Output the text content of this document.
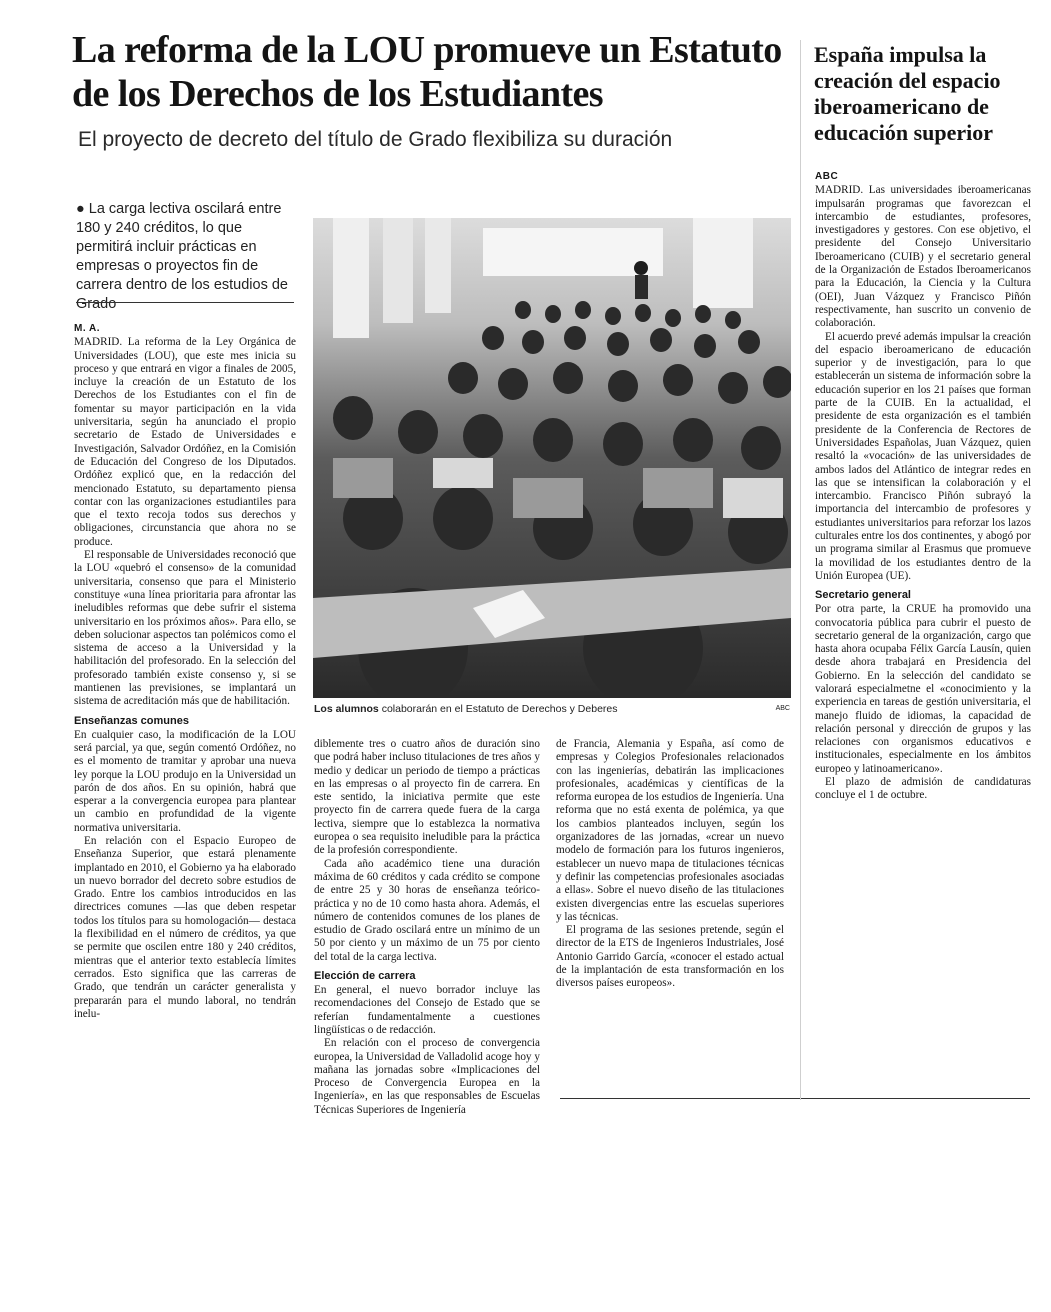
La reforma de la LOU promueve un Estatuto de los Derechos de los Estudiantes
El proyecto de decreto del título de Grado flexibiliza su duración
España impulsa la creación del espacio iberoamericano de educación superior
● La carga lectiva oscilará entre 180 y 240 créditos, lo que permitirá incluir prácticas en empresas o proyectos fin de carrera dentro de los estudios de Grado
M. A.

MADRID. La reforma de la Ley Orgánica de Universidades (LOU), que este mes inicia su proceso y que entrará en vigor a finales de 2005, incluye la creación de un Estatuto de los Derechos de los Estudiantes con el fin de fomentar su mayor participación en la vida universitaria, según ha anunciado el propio secretario de Estado de Universidades e Investigación, Salvador Ordóñez, en la Comisión de Educación del Congreso de los Diputados. Ordóñez explicó que, en la redacción del mencionado Estatuto, su departamento piensa contar con las organizaciones estudiantiles para que el texto recoja todos sus derechos y obligaciones, circunstancia que ahora no se produce.

El responsable de Universidades reconoció que la LOU «quebró el consenso» de la comunidad universitaria, consenso que para el Ministerio constituye «una línea prioritaria para afrontar las ineludibles reformas que debe sufrir el sistema universitario en los próximos años». Para ello, se deben solucionar aspectos tan polémicos como el sistema de acceso a la Universidad y la habilitación del profesorado. En la selección del profesorado también existe consenso y, si se mantienen las previsiones, se implantará un sistema de acreditación más que de habilitación.

Enseñanzas comunes

En cualquier caso, la modificación de la LOU será parcial, ya que, según comentó Ordóñez, no es el momento de tramitar y aprobar una nueva ley porque la LOU produjo en la Universidad un parón de dos años. En su opinión, habrá que esperar a la convergencia europea para plantear un cambio en profundidad de la vigente normativa universitaria.

En relación con el Espacio Europeo de Enseñanza Superior, que estará plenamente implantado en 2010, el Gobierno ya ha elaborado un nuevo borrador del decreto sobre estudios de Grado. Entre los cambios introducidos en las directrices comunes —las que deben respetar todos los títulos para su homologación— destaca la flexibilidad en el número de créditos, ya que se permite que oscilen entre 180 y 240 créditos, mientras que el anterior texto establecía límites cerrados. Esto significa que las carreras de Grado, que tendrán un carácter generalista y prepararán para el mundo laboral, no tendrán inelu-

Los alumnos colaborarán en el Estatuto de Derechos y Deberes	ABC

diblemente tres o cuatro años de duración sino que podrá haber incluso titulaciones de tres años y medio y dedicar un periodo de tiempo a prácticas en las empresas o al proyecto fin de carrera. En este sentido, la iniciativa permite que este proyecto fin de carrera quede fuera de la carga lectiva, siempre que lo establezca la normativa europea o sea requisito ineludible para la práctica de la profesión correspondiente.

Cada año académico tiene una duración máxima de 60 créditos y cada crédito se compone de entre 25 y 30 horas de enseñanza teórico-práctica y no de 10 como hasta ahora. Además, el número de contenidos comunes de los planes de estudio de Grado oscilará entre un mínimo de un 50 por ciento y un máximo de un 75 por ciento del total de la carga lectiva.

Elección de carrera

En general, el nuevo borrador incluye las recomendaciones del Consejo de Estado que se referían fundamentalmente a cuestiones lingüísticas o de redacción.

En relación con el proceso de convergencia europea, la Universidad de Valladolid acoge hoy y mañana las jornadas sobre «Implicaciones del Proceso de Convergencia Europea en la Ingeniería», en las que responsables de Escuelas Técnicas Superiores de Ingeniería

de Francia, Alemania y España, así como de empresas y Colegios Profesionales relacionados con las ingenierías, debatirán las implicaciones profesionales, académicas y científicas de la reforma europea de los estudios de Ingeniería. Una reforma que no está exenta de polémica, ya que los cambios planteados incluyen, según los organizadores de las jornadas, «crear un nuevo modelo de formación para los futuros ingenieros, establecer un nuevo mapa de titulaciones técnicas y definir las competencias profesionales asociadas a ellas». Sobre el nuevo diseño de las titulaciones existen divergencias entre las escuelas superiores y las técnicas.

El programa de las sesiones pretende, según el director de la ETS de Ingenieros Industriales, José Antonio Garrido García, «conocer el estado actual de la implantación de esta transformación en los diversos países europeos».

ABC

MADRID. Las universidades iberoamericanas impulsarán programas que favorezcan el intercambio de estudiantes, profesores, investigadores y gestores. Con ese objetivo, el presidente del Consejo Universitario Iberoamericano (CUIB) y el secretario general de la Organización de Estados Iberoamericanos para la Educación, la Ciencia y la Cultura (OEI), Juan Vázquez y Francisco Piñón respectivamente, han suscrito un convenio de colaboración.

El acuerdo prevé además impulsar la creación del espacio iberoamericano de educación superior y de investigación, para lo que establecerán un sistema de información sobre la educación superior en los 21 países que forman parte de la CUIB. En la actualidad, el presidente de esta organización es el también presidente de la Conferencia de Rectores de Universidades Españolas, Juan Vázquez, quien resaltó la «vocación» de las universidades de ambos lados del Atlántico de integrar redes en las que se intensifican la colaboración y el intercambio. Francisco Piñón subrayó la importancia del intercambio de profesores y estudiantes universitarios para reforzar los lazos culturales entre los dos continentes, y abogó por un programa similar al Erasmus que promueve la movilidad de los estudiantes dentro de la Unión Europea (UE).

Secretario general

Por otra parte, la CRUE ha promovido una convocatoria pública para cubrir el puesto de secretario general de la organización, cargo que hasta ahora ocupaba Félix García Lausín, quien desde ahora trabajará en Presidencia del Gobierno. En la selección del candidato se valorará especialmetne el «conocimiento y la experiencia en tareas de gestión universitaria, el manejo fluido de idiomas, la capacidad de relación personal y dirección de grupos y las relaciones con organismos educativos e institucionales, especialmente en los ámbitos europeo y latinoamericano».

El plazo de admisión de candidaturas concluye el 1 de octubre.
